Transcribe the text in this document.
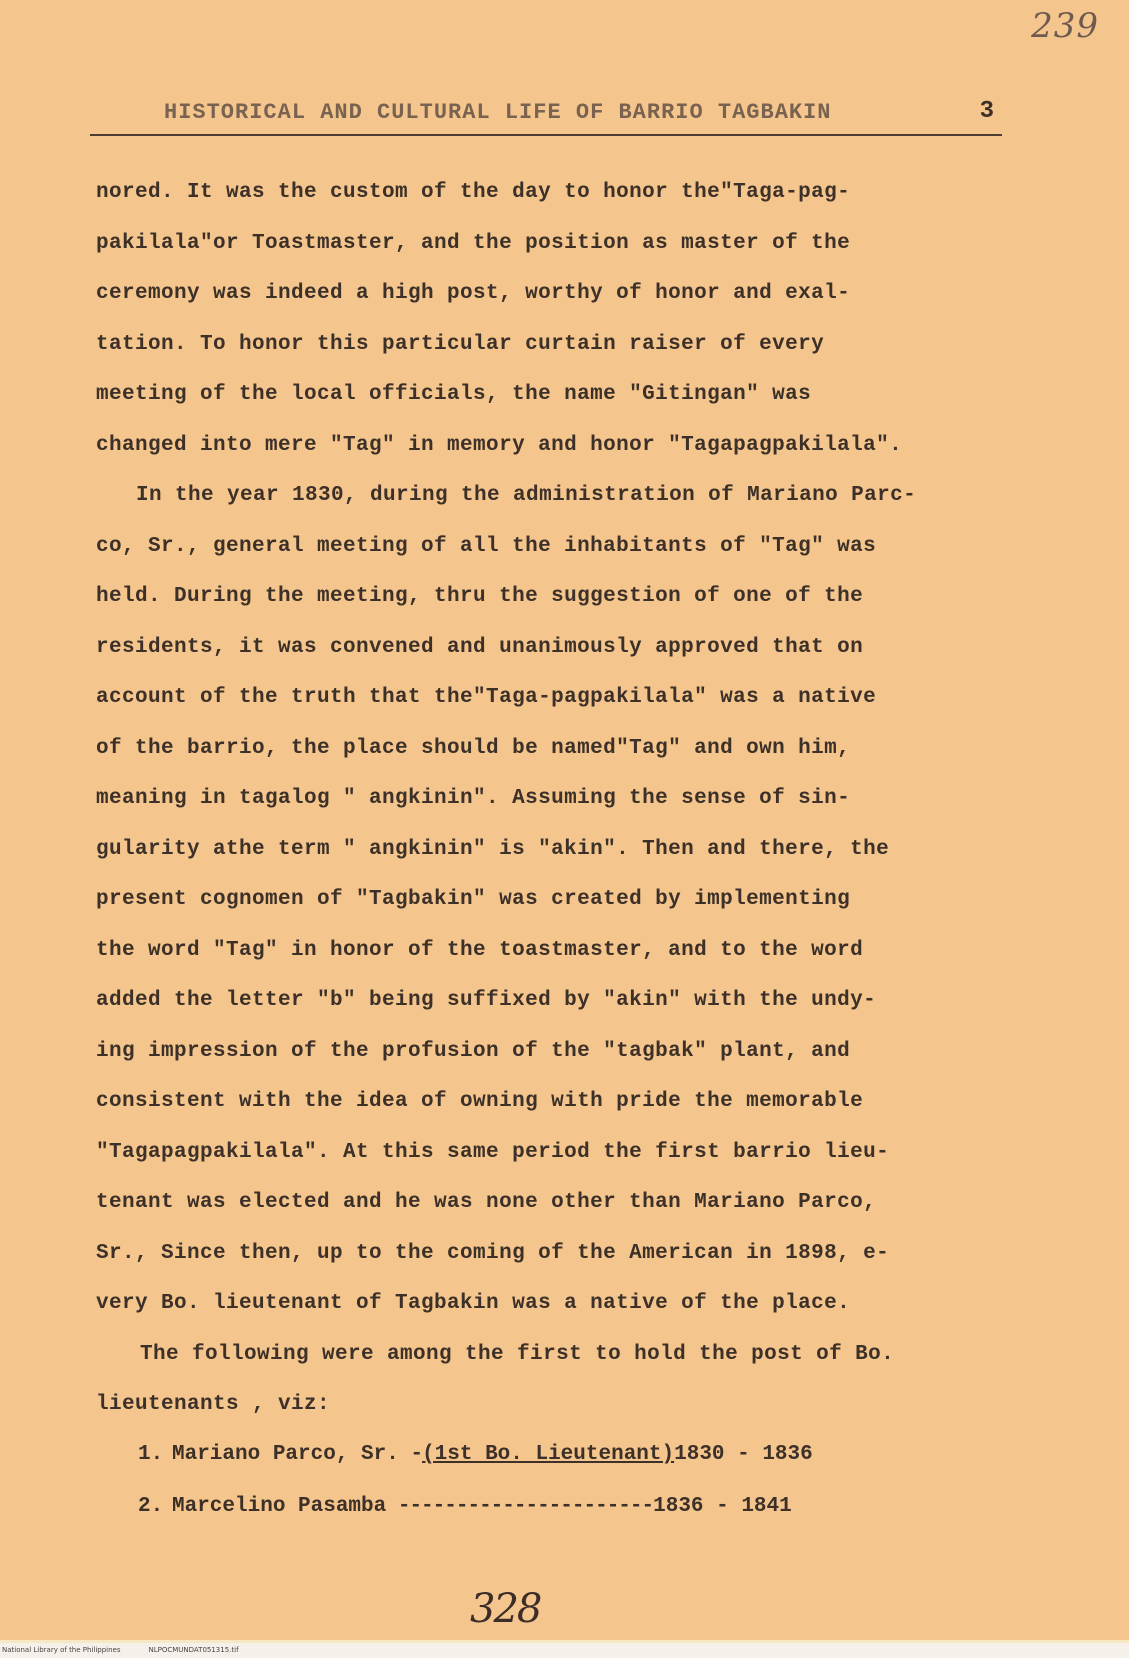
239
HISTORICAL AND CULTURAL LIFE OF BARRIO TAGBAKIN	3
nored. It was the custom of the day to honor the"Taga-pag-
pakilala"or Toastmaster, and the position as master of the
ceremony was indeed a high post, worthy of honor and exal-
tation. To honor this particular curtain raiser of every
meeting of the local officials, the name "Gitingan" was
changed into mere "Tag" in memory and honor "Tagapagpakilala".
In the year 1830, during the administration of Mariano Parc-
co, Sr., general meeting of all the inhabitants of "Tag" was
held. During the meeting, thru the suggestion of one of the
residents, it was convened and unanimously approved that on
account of the truth that the"Taga-pagpakilala" was a native
of the barrio, the place should be named"Tag" and own him,
meaning in tagalog " angkinin". Assuming the sense of sin-
gularity athe term " angkinin" is "akin". Then and there, the
present cognomen of "Tagbakin" was created by implementing
the word "Tag" in honor of the toastmaster, and to the word
added the letter "b" being suffixed by "akin" with the undy-
ing impression of the profusion of the "tagbak" plant, and
consistent with the idea of owning with pride the memorable
"Tagapagpakilala". At this same period the first barrio lieu-
tenant was elected and he was none other than Mariano Parco,
Sr., Since then, up to the coming of the American in 1898, e-
very Bo. lieutenant of Tagbakin was a native of the place.
The following were among the first to hold the post of Bo.
lieutenants , viz:
1. Mariano Parco, Sr. -(1st Bo. Lieutenant)1830 - 1836
2. Marcelino Pasamba ----------------------1836 - 1841
328
National Library of the Philippines	NLPOCMUNDAT051315.tif
